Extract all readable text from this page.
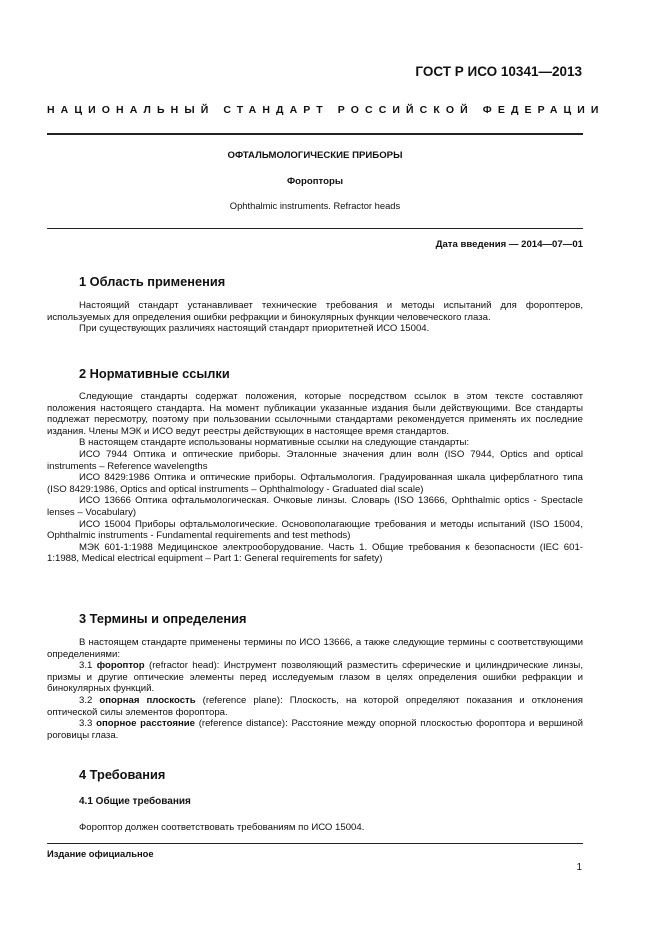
ГОСТ Р ИСО 10341—2013
НАЦИОНАЛЬНЫЙ СТАНДАРТ РОССИЙСКОЙ ФЕДЕРАЦИИ
ОФТАЛЬМОЛОГИЧЕСКИЕ ПРИБОРЫ
Форопторы
Ophthalmic instruments. Refractor heads
Дата введения — 2014—07—01
1 Область применения

Настоящий стандарт устанавливает технические требования и методы испытаний для фороптеров, используемых для определения ошибки рефракции и бинокулярных функции человеческого глаза.

При существующих различиях настоящий стандарт приоритетней ИСО 15004.

2 Нормативные ссылки

Следующие стандарты содержат положения, которые посредством ссылок в этом тексте составляют положения настоящего стандарта. На момент публикации указанные издания были действующими. Все стандарты подлежат пересмотру, поэтому при пользовании ссылочными стандартами рекомендуется применять их последние издания. Члены МЭК и ИСО ведут реестры действующих в настоящее время стандартов.

В настоящем стандарте использованы нормативные ссылки на следующие стандарты:

ИСО 7944 Оптика и оптические приборы. Эталонные значения длин волн (ISO 7944, Optics and optical instruments – Reference wavelengths

ИСО 8429:1986 Оптика и оптические приборы. Офтальмология. Градуированная шкала циферблатного типа (ISO 8429:1986, Optics and optical instruments – Ophthalmology - Graduated dial scale)

ИСО 13666 Оптика офтальмологическая. Очковые линзы. Словарь (ISO 13666, Ophthalmic optics - Spectacle lenses – Vocabulary)

ИСО 15004 Приборы офтальмологические. Основополагающие требования и методы испытаний (ISO 15004, Ophthalmic instruments - Fundamental requirements and test methods)

МЭК 601-1:1988 Медицинское электрооборудование. Часть 1. Общие требования к безопасности (IEC 601-1:1988, Medical electrical equipment – Part 1: General requirements for safety)

3 Термины и определения

В настоящем стандарте применены термины по ИСО 13666, а также следующие термины с соответствующими определениями:

3.1 фороптор (refractor head): Инструмент позволяющий разместить сферические и цилиндрические линзы, призмы и другие оптические элементы перед исследуемым глазом в целях определения ошибки рефракции и бинокулярных функций.

3.2 опорная плоскость (reference plane): Плоскость, на которой определяют показания и отклонения оптической силы элементов фороптора.

3.3 опорное расстояние (reference distance): Расстояние между опорной плоскостью фороптора и вершиной роговицы глаза.

4 Требования
4.1 Общие требования

Фороптор должен соответствовать требованиям по ИСО 15004.

Издание официальное
1
